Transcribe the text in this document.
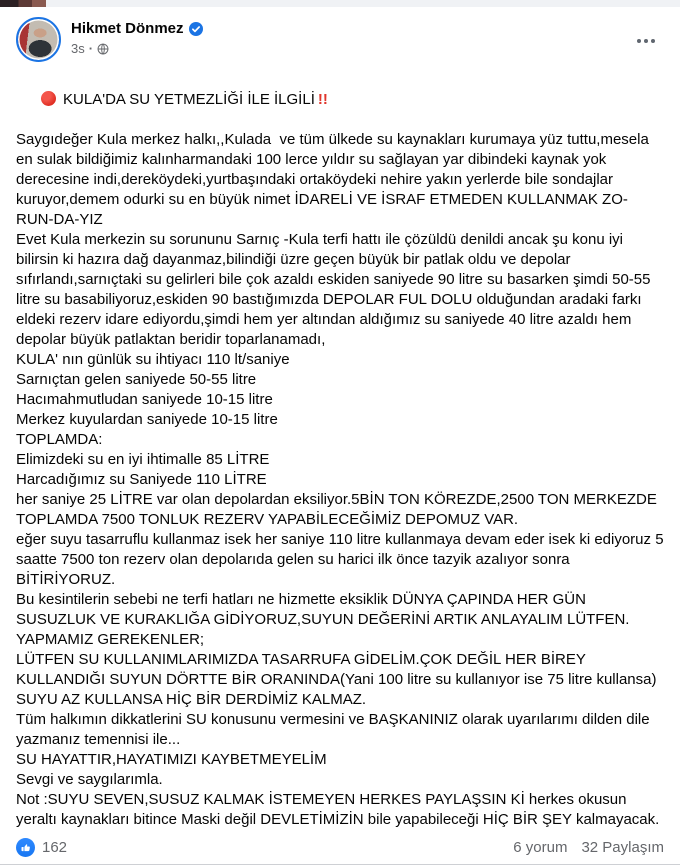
Hikmet Dönmez
3s ·

KULA'DA SU YETMEZLİĞİ İLE İLGİLİ !!

Saygıdeğer Kula merkez halkı,,Kulada  ve tüm ülkede su kaynakları kurumaya yüz tuttu,mesela en sulak bildiğimiz kalınharmandaki 100 lerce yıldır su sağlayan yar dibindeki kaynak yok derecesine indi,dereköydeki,yurtbaşındaki ortaköydeki nehire yakın yerlerde bile sondajlar kuruyor,demem odurki su en büyük nimet İDARELİ VE İSRAF ETMEDEN KULLANMAK ZO-RUN-DA-YIZ
Evet Kula merkezin su sorununu Sarnıç -Kula terfi hattı ile çözüldü denildi ancak şu konu iyi bilirsin ki hazıra dağ dayanmaz,bilindiği üzre geçen büyük bir patlak oldu ve depolar sıfırlandı,sarnıçtaki su gelirleri bile çok azaldı eskiden saniyede 90 litre su basarken şimdi 50-55 litre su basabiliyoruz,eskiden 90 bastığımızda DEPOLAR FUL DOLU olduğundan aradaki farkı eldeki rezerv idare ediyordu,şimdi hem yer altından aldığımız su saniyede 40 litre azaldı hem depolar büyük patlaktan beridir toparlanamadı,
KULA' nın günlük su ihtiyacı 110 lt/saniye
Sarnıçtan gelen saniyede 50-55 litre
Hacımahmutludan saniyede 10-15 litre
Merkez kuyulardan saniyede 10-15 litre
TOPLAMDA:
Elimizdeki su en iyi ihtimalle 85 LİTRE
Harcadığımız su Saniyede 110 LİTRE
her saniye 25 LİTRE var olan depolardan eksiliyor.5BİN TON KÖREZDE,2500 TON MERKEZDE TOPLAMDA 7500 TONLUK REZERV YAPABİLECEĞİMİZ DEPOMUZ VAR.
eğer suyu tasarruflu kullanmaz isek her saniye 110 litre kullanmaya devam eder isek ki ediyoruz 5 saatte 7500 ton rezerv olan depolarıda gelen su harici ilk önce tazyik azalıyor sonra BİTİRİYORUZ.
Bu kesintilerin sebebi ne terfi hatları ne hizmette eksiklik DÜNYA ÇAPINDA HER GÜN SUSUZLUK VE KURAKLIĞA GİDİYORUZ,SUYUN DEĞERİNİ ARTIK ANLAYALIM LÜTFEN.
YAPMAMIZ GEREKENLER;
LÜTFEN SU KULLANIMLARIMIZDA TASARRUFA GİDELİM.ÇOK DEĞİL HER BİREY KULLANDIĞI SUYUN DÖRTTE BİR ORANINDA(Yani 100 litre su kullanıyor ise 75 litre kullansa) SUYU AZ KULLANSA HİÇ BİR DERDİMİZ KALMAZ.
Tüm halkımın dikkatlerini SU konusunu vermesini ve BAŞKANINIZ olarak uyarılarımı dilden dile yazmanız temennisi ile...
SU HAYATTIR,HAYATIMIZI KAYBETMEYELİM
Sevgi ve saygılarımla.
Not :SUYU SEVEN,SUSUZ KALMAK İSTEMEYEN HERKES PAYLAŞSIN Kİ herkes okusun yeraltı kaynakları bitince Maski değil DEVLETİMİZİN bile yapabileceği HİÇ BİR ŞEY kalmayacak.
162	6 yorum 32 Paylaşım
